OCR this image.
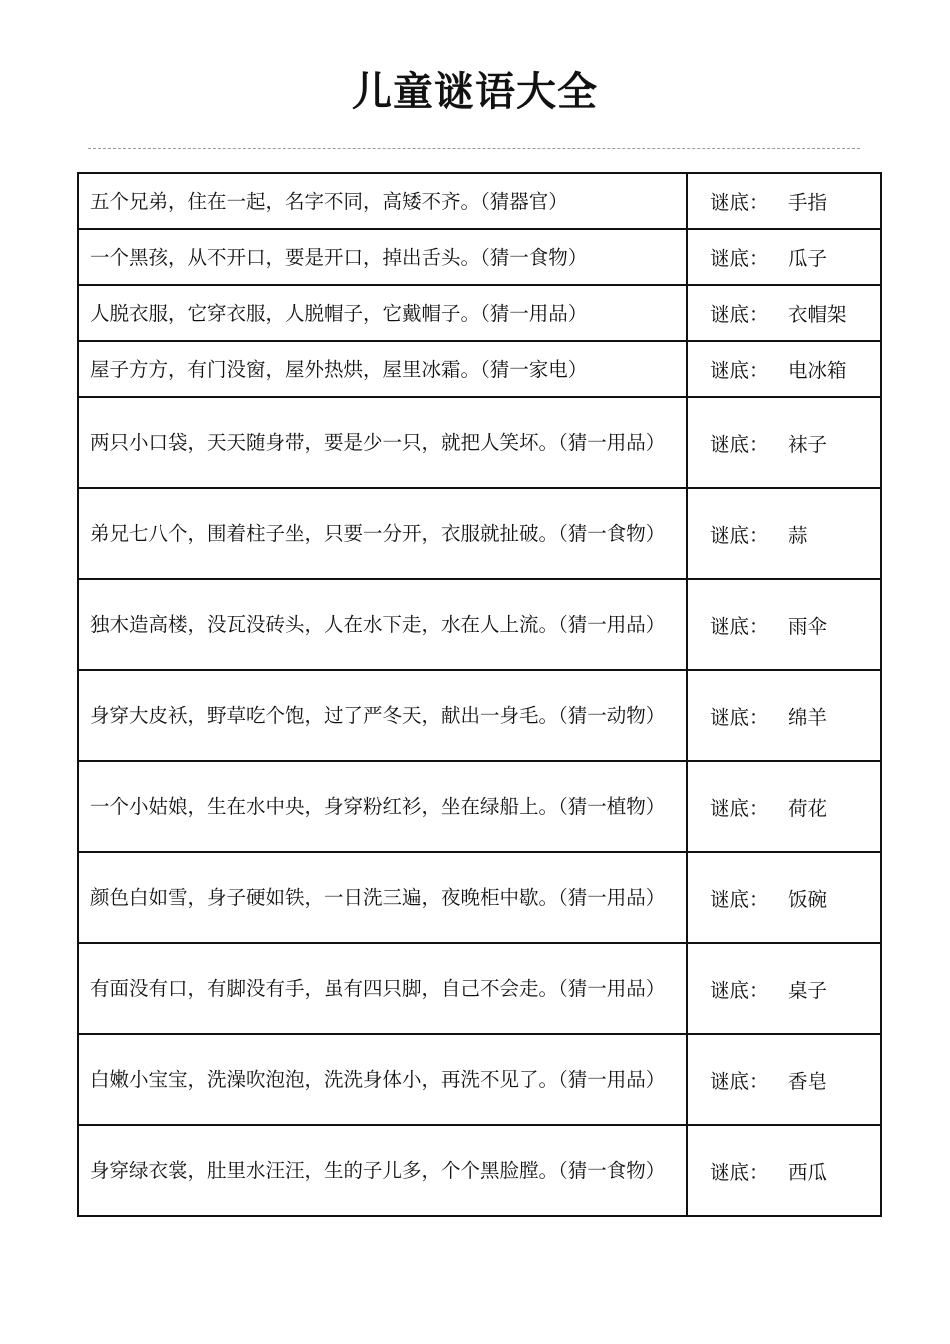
儿童谜语大全
五个兄弟，住在一起，名字不同，高矮不齐。（猜器官）	谜底： 手指
一个黑孩，从不开口，要是开口，掉出舌头。（猜一食物）	谜底： 瓜子
人脱衣服，它穿衣服，人脱帽子，它戴帽子。（猜一用品）	谜底： 衣帽架
屋子方方，有门没窗，屋外热烘，屋里冰霜。（猜一家电）	谜底： 电冰箱
两只小口袋，天天随身带，要是少一只，就把人笑坏。（猜一用品）	谜底： 袜子
弟兄七八个，围着柱子坐，只要一分开，衣服就扯破。（猜一食物）	谜底： 蒜
独木造高楼，没瓦没砖头，人在水下走，水在人上流。（猜一用品）	谜底： 雨伞
身穿大皮袄，野草吃个饱，过了严冬天，献出一身毛。（猜一动物）	谜底： 绵羊
一个小姑娘，生在水中央，身穿粉红衫，坐在绿船上。（猜一植物）	谜底： 荷花
颜色白如雪，身子硬如铁，一日洗三遍，夜晚柜中歇。（猜一用品）	谜底： 饭碗
有面没有口，有脚没有手，虽有四只脚，自己不会走。（猜一用品）	谜底： 桌子
白嫩小宝宝，洗澡吹泡泡，洗洗身体小，再洗不见了。（猜一用品）	谜底： 香皂
身穿绿衣裳，肚里水汪汪，生的子儿多，个个黑脸膛。（猜一食物）	谜底： 西瓜
